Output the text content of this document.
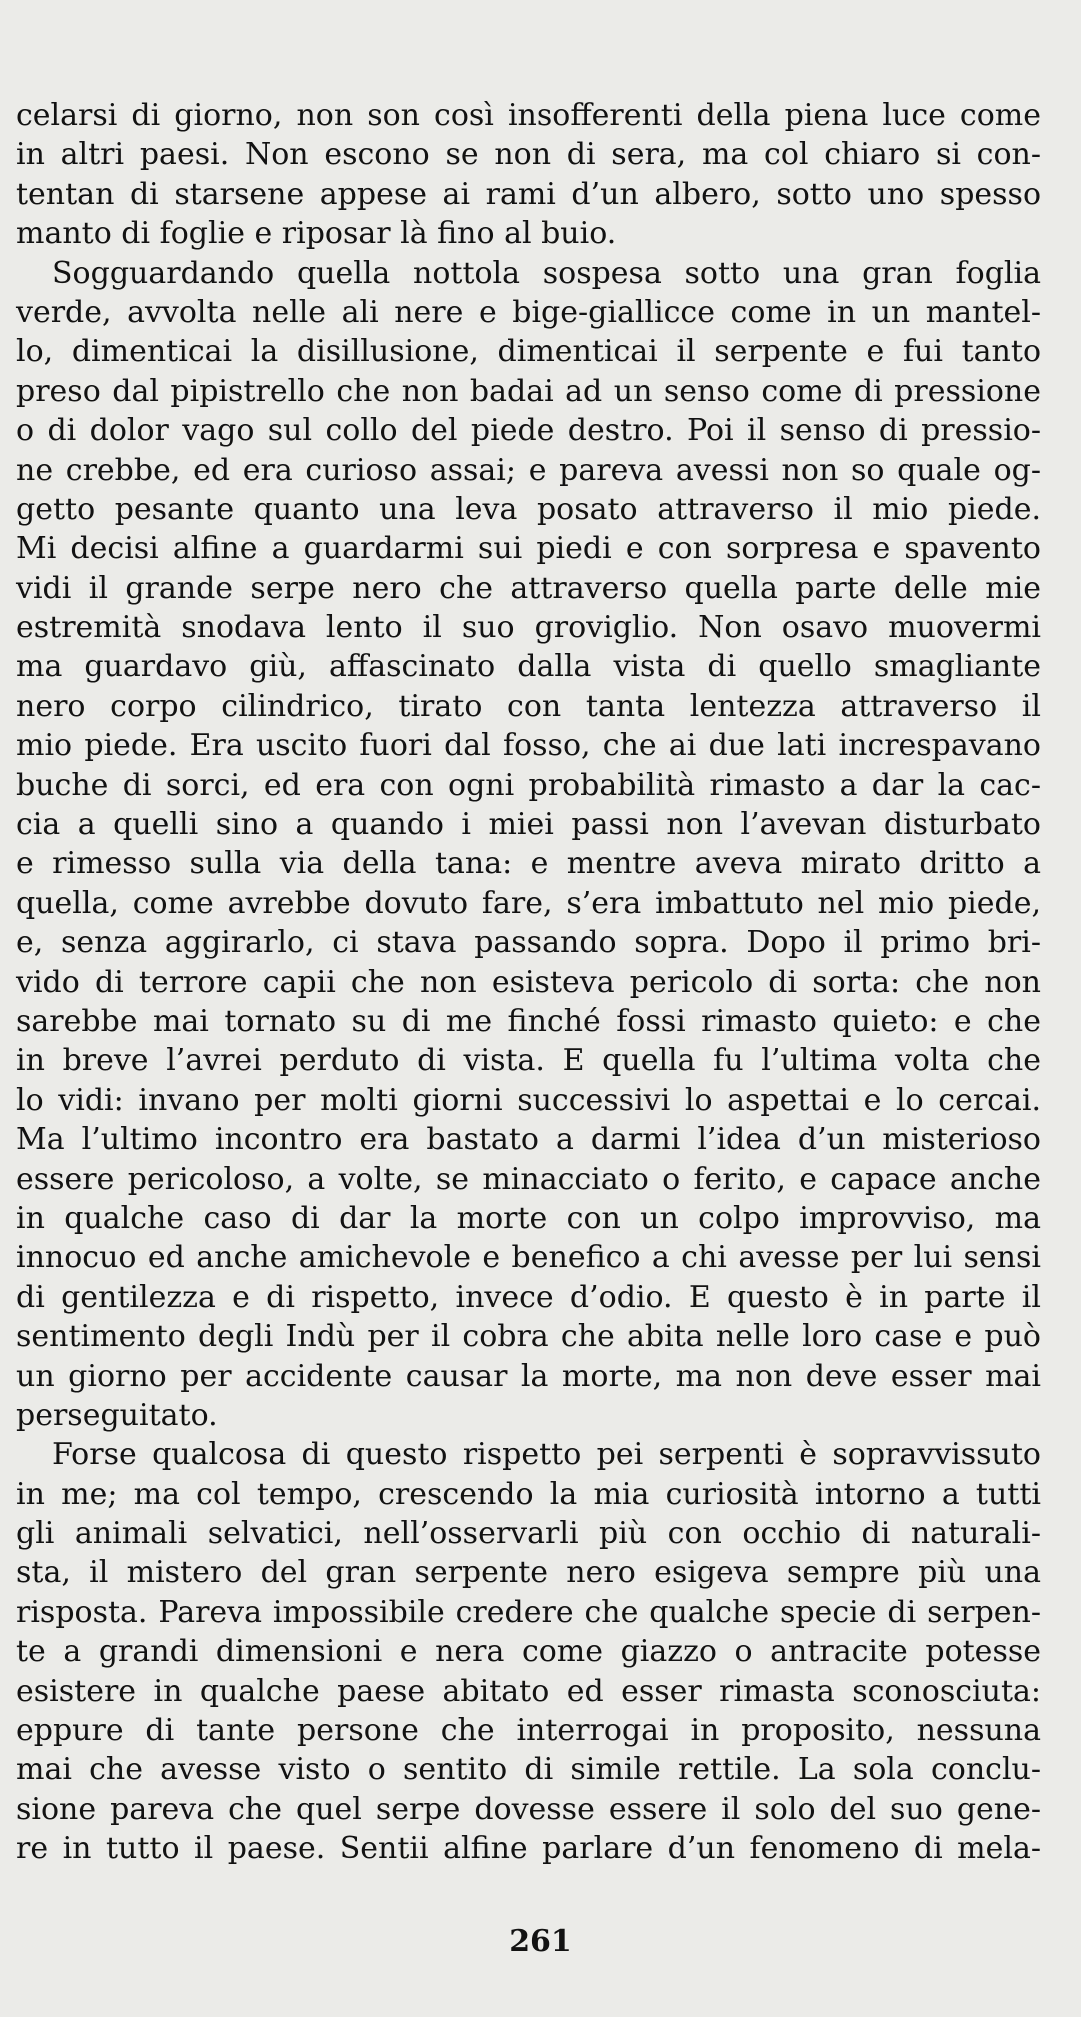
celarsi di giorno, non son così insofferenti della piena luce come
in altri paesi. Non escono se non di sera, ma col chiaro si con-
tentan di starsene appese ai rami d’un albero, sotto uno spesso
manto di foglie e riposar là fino al buio.
Sogguardando quella nottola sospesa sotto una gran foglia
verde, avvolta nelle ali nere e bige-giallicce come in un mantel-
lo, dimenticai la disillusione, dimenticai il serpente e fui tanto
preso dal pipistrello che non badai ad un senso come di pressione
o di dolor vago sul collo del piede destro. Poi il senso di pressio-
ne crebbe, ed era curioso assai; e pareva avessi non so quale og-
getto pesante quanto una leva posato attraverso il mio piede.
Mi decisi alfine a guardarmi sui piedi e con sorpresa e spavento
vidi il grande serpe nero che attraverso quella parte delle mie
estremità snodava lento il suo groviglio. Non osavo muovermi
ma guardavo giù, affascinato dalla vista di quello smagliante
nero corpo cilindrico, tirato con tanta lentezza attraverso il
mio piede. Era uscito fuori dal fosso, che ai due lati increspavano
buche di sorci, ed era con ogni probabilità rimasto a dar la cac-
cia a quelli sino a quando i miei passi non l’avevan disturbato
e rimesso sulla via della tana: e mentre aveva mirato dritto a
quella, come avrebbe dovuto fare, s’era imbattuto nel mio piede,
e, senza aggirarlo, ci stava passando sopra. Dopo il primo bri-
vido di terrore capii che non esisteva pericolo di sorta: che non
sarebbe mai tornato su di me finché fossi rimasto quieto: e che
in breve l’avrei perduto di vista. E quella fu l’ultima volta che
lo vidi: invano per molti giorni successivi lo aspettai e lo cercai.
Ma l’ultimo incontro era bastato a darmi l’idea d’un misterioso
essere pericoloso, a volte, se minacciato o ferito, e capace anche
in qualche caso di dar la morte con un colpo improvviso, ma
innocuo ed anche amichevole e benefico a chi avesse per lui sensi
di gentilezza e di rispetto, invece d’odio. E questo è in parte il
sentimento degli Indù per il cobra che abita nelle loro case e può
un giorno per accidente causar la morte, ma non deve esser mai
perseguitato.
Forse qualcosa di questo rispetto pei serpenti è sopravvissuto
in me; ma col tempo, crescendo la mia curiosità intorno a tutti
gli animali selvatici, nell’osservarli più con occhio di naturali-
sta, il mistero del gran serpente nero esigeva sempre più una
risposta. Pareva impossibile credere che qualche specie di serpen-
te a grandi dimensioni e nera come giazzo o antracite potesse
esistere in qualche paese abitato ed esser rimasta sconosciuta:
eppure di tante persone che interrogai in proposito, nessuna
mai che avesse visto o sentito di simile rettile. La sola conclu-
sione pareva che quel serpe dovesse essere il solo del suo gene-
re in tutto il paese. Sentii alfine parlare d’un fenomeno di mela-
261
